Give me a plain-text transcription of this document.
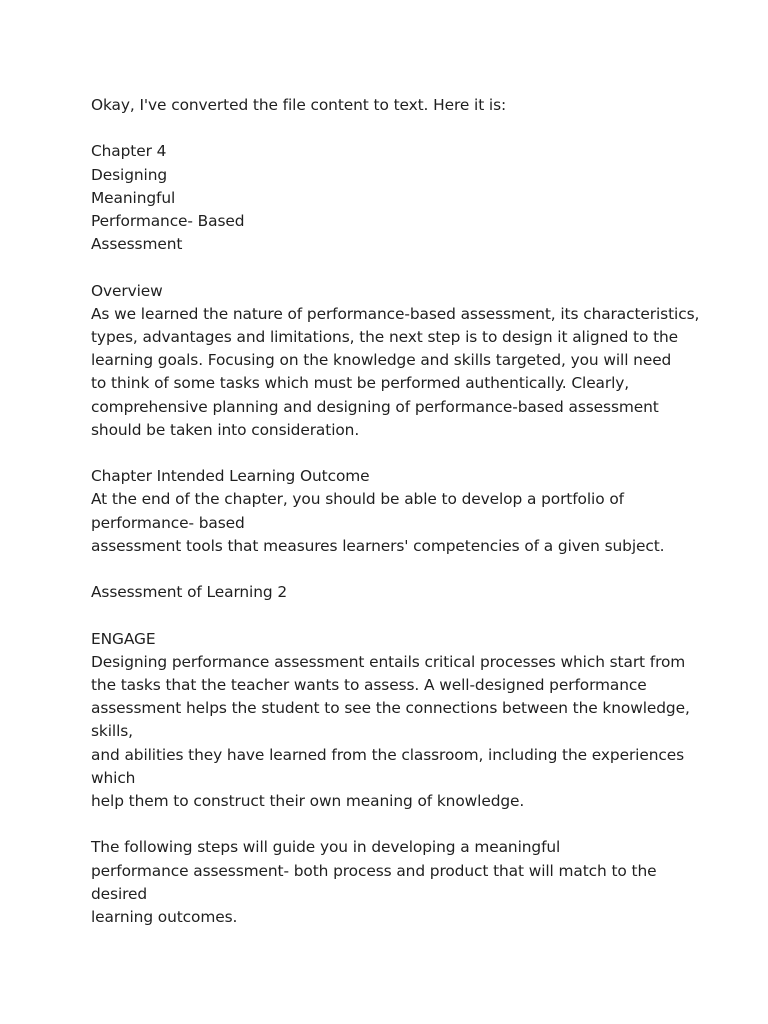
Okay, I've converted the file content to text. Here it is:
Chapter 4
Designing
Meaningful
Performance- Based
Assessment
Overview
As we learned the nature of performance-based assessment, its characteristics,
types, advantages and limitations, the next step is to design it aligned to the
learning goals. Focusing on the knowledge and skills targeted, you will need
to think of some tasks which must be performed authentically. Clearly,
comprehensive planning and designing of performance-based assessment
should be taken into consideration.
Chapter Intended Learning Outcome
At the end of the chapter, you should be able to develop a portfolio of
performance- based
assessment tools that measures learners' competencies of a given subject.
Assessment of Learning 2
ENGAGE
Designing performance assessment entails critical processes which start from
the tasks that the teacher wants to assess. A well-designed performance
assessment helps the student to see the connections between the knowledge,
skills,
and abilities they have learned from the classroom, including the experiences
which
help them to construct their own meaning of knowledge.
The following steps will guide you in developing a meaningful
performance assessment- both process and product that will match to the
desired
learning outcomes.
